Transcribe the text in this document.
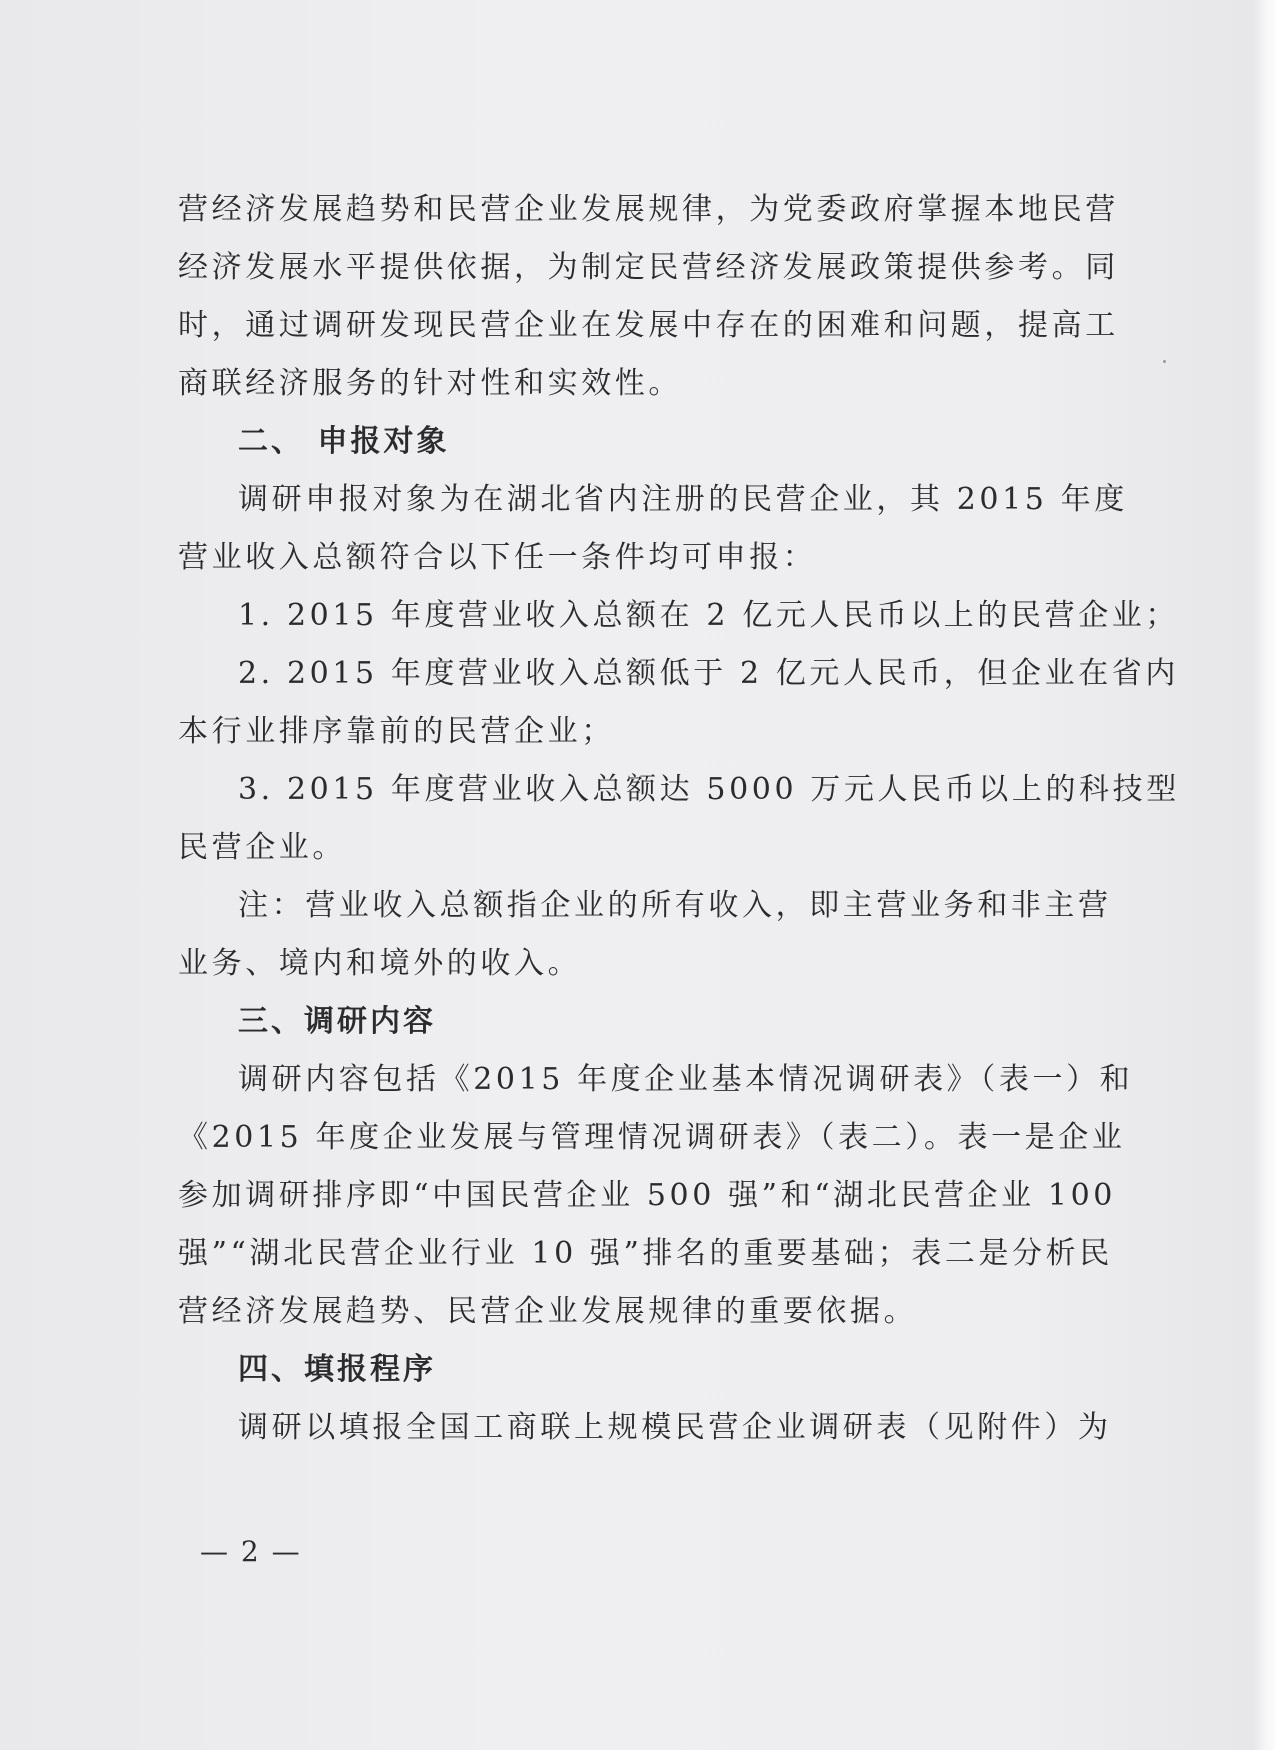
营经济发展趋势和民营企业发展规律，为党委政府掌握本地民营
经济发展水平提供依据，为制定民营经济发展政策提供参考。同
时，通过调研发现民营企业在发展中存在的困难和问题，提高工
商联经济服务的针对性和实效性。
二、 申报对象
调研申报对象为在湖北省内注册的民营企业，其 2015 年度
营业收入总额符合以下任一条件均可申报：
1. 2015 年度营业收入总额在 2 亿元人民币以上的民营企业；
2. 2015 年度营业收入总额低于 2 亿元人民币，但企业在省内
本行业排序靠前的民营企业；
3. 2015 年度营业收入总额达 5000 万元人民币以上的科技型
民营企业。
注：营业收入总额指企业的所有收入，即主营业务和非主营
业务、境内和境外的收入。
三、调研内容
调研内容包括《2015 年度企业基本情况调研表》（表一）和
《2015 年度企业发展与管理情况调研表》（表二）。表一是企业
参加调研排序即“中国民营企业 500 强”和“湖北民营企业 100
强”“湖北民营企业行业 10 强”排名的重要基础；表二是分析民
营经济发展趋势、民营企业发展规律的重要依据。
四、填报程序
调研以填报全国工商联上规模民营企业调研表（见附件）为
— 2 —
